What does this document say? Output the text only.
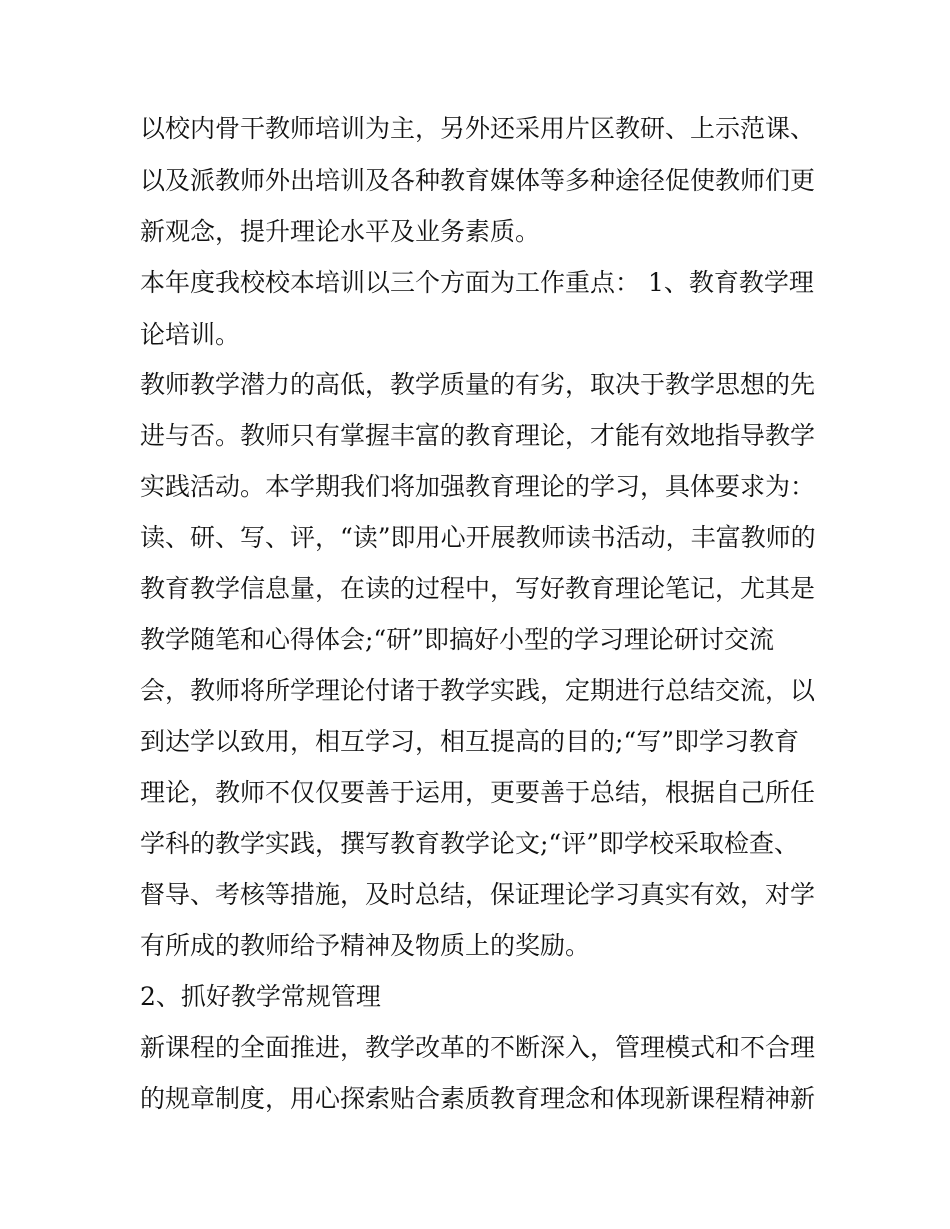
以校内骨干教师培训为主，另外还采用片区教研、上示范课、
以及派教师外出培训及各种教育媒体等多种途径促使教师们更
新观念，提升理论水平及业务素质。
本年度我校校本培训以三个方面为工作重点： 1、教育教学理
论培训。
教师教学潜力的高低，教学质量的有劣，取决于教学思想的先
进与否。教师只有掌握丰富的教育理论，才能有效地指导教学
实践活动。本学期我们将加强教育理论的学习，具体要求为：
读、研、写、评，“读”即用心开展教师读书活动，丰富教师的
教育教学信息量，在读的过程中，写好教育理论笔记，尤其是
教学随笔和心得体会;“研”即搞好小型的学习理论研讨交流
会，教师将所学理论付诸于教学实践，定期进行总结交流，以
到达学以致用，相互学习，相互提高的目的;“写”即学习教育
理论，教师不仅仅要善于运用，更要善于总结，根据自己所任
学科的教学实践，撰写教育教学论文;“评”即学校采取检查、
督导、考核等措施，及时总结，保证理论学习真实有效，对学
有所成的教师给予精神及物质上的奖励。
2、抓好教学常规管理
新课程的全面推进，教学改革的不断深入，管理模式和不合理
的规章制度，用心探索贴合素质教育理念和体现新课程精神新
